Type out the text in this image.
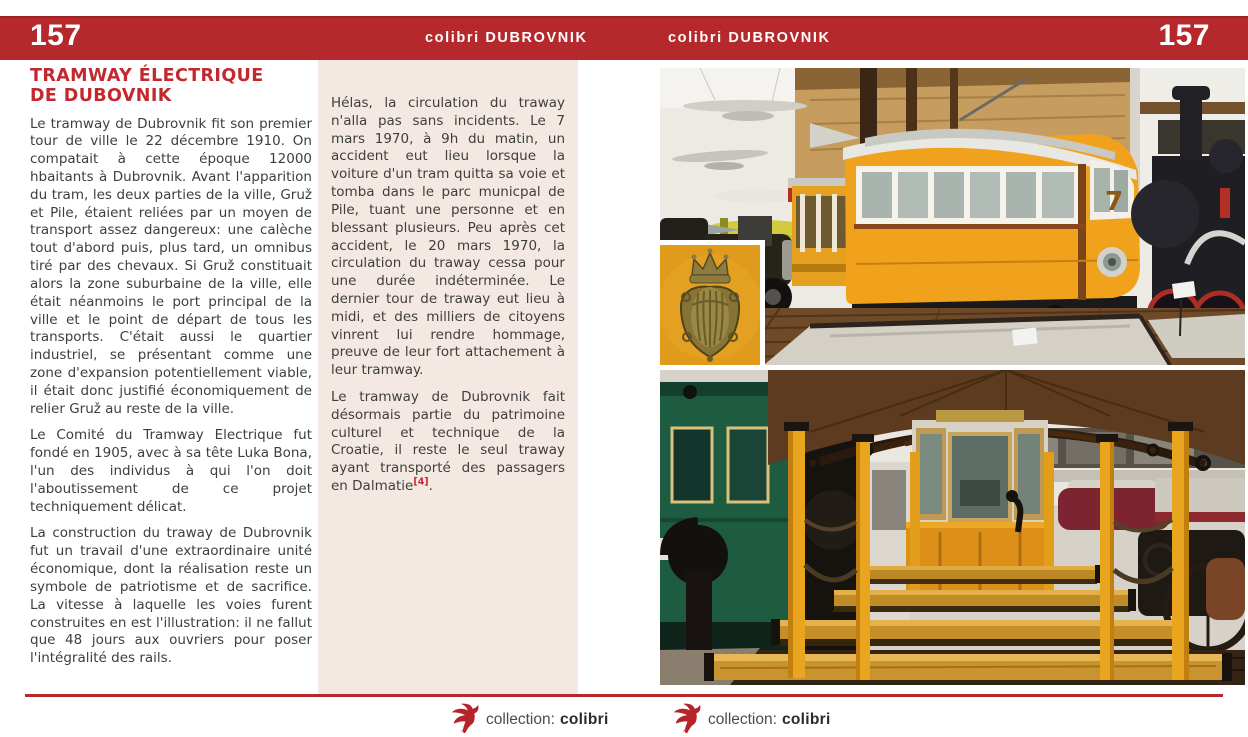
157	colibri DUBROVNIK	colibri DUBROVNIK	157
TRAMWAY ÉLECTRIQUE
DE DUBOVNIK

Le tramway de Dubrovnik fit son premier tour de ville le 22 décembre 1910. On compatait à cette époque 12000 hbaitants à Dubrovnik. Avant l'apparition du tram, les deux parties de la ville, Gruž et Pile, étaient reliées par un moyen de transport assez dangereux: une calèche tout d'abord puis, plus tard, un omnibus tiré par des chevaux. Si Gruž constituait alors la zone suburbaine de la ville, elle était néanmoins le port principal de la ville et le point de départ de tous les transports. C'était aussi le quartier industriel, se présentant comme une zone d'expansion potentiellement viable, il était donc justifié économiquement de relier Gruž au reste de la ville.

Le Comité du Tramway Electrique fut fondé en 1905, avec à sa tête Luka Bona, l'un des individus à qui l'on doit l'aboutissement de ce projet techniquement délicat.

La construction du traway de Dubrovnik fut un travail d'une extraordinaire unité économique, dont la réalisation reste un symbole de patriotisme et de sacrifice. La vitesse à laquelle les voies furent construites en est l'illustration: il ne fallut que 48 jours aux ouvriers pour poser l'intégralité des rails.

Hélas, la circulation du traway n'alla pas sans incidents. Le 7 mars 1970, à 9h du matin, un accident eut lieu lorsque la voiture d'un tram quitta sa voie et tomba dans le parc municpal de Pile, tuant une personne et en blessant plusieurs. Peu après cet accident, le 20 mars 1970, la circulation du traway cessa pour une durée indéterminée. Le dernier tour de traway eut lieu à midi, et des milliers de citoyens vinrent lui rendre hommage, preuve de leur fort attachement à leur tramway.

Le tramway de Dubrovnik fait désormais partie du patrimoine culturel et technique de la Croatie, il reste le seul traway ayant transporté des passagers en Dalmatie[4].

7
collection: colibri	collection: colibri
